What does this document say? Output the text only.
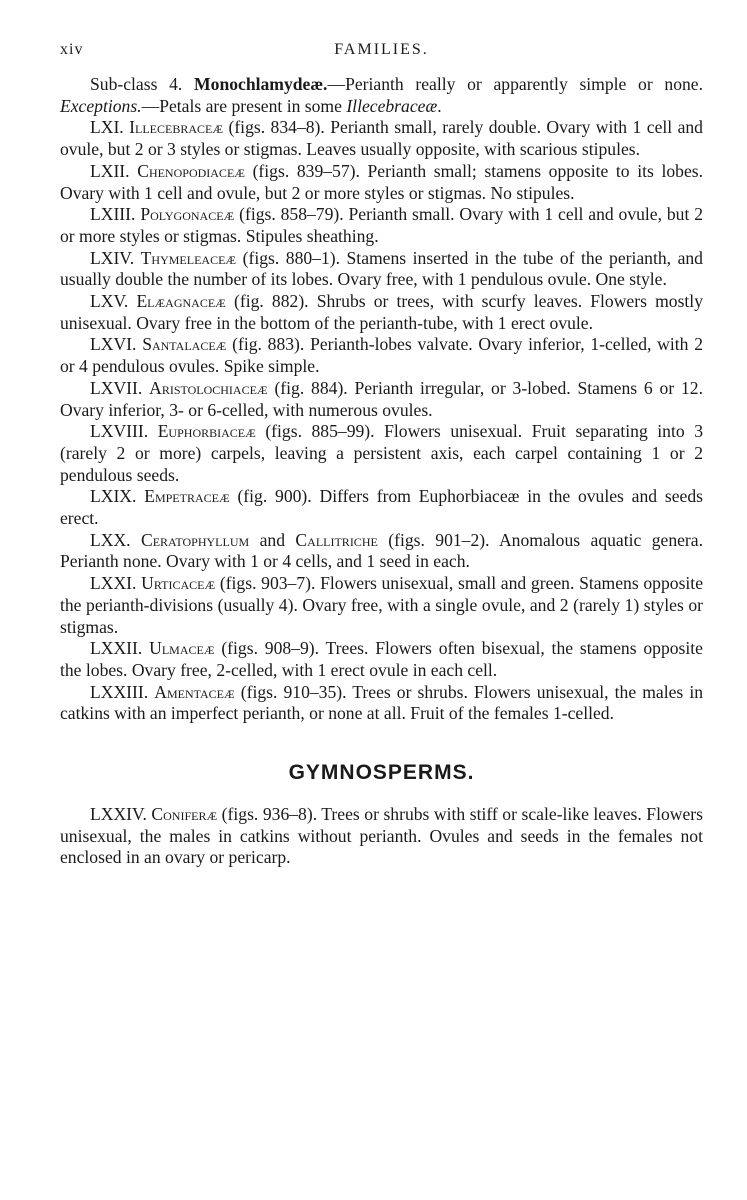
xiv	FAMILIES.

Sub-class 4. Monochlamydeæ.—Perianth really or apparently simple or none. Exceptions.—Petals are present in some Illecebraceæ.

LXI. Illecebraceæ (figs. 834–8). Perianth small, rarely double. Ovary with 1 cell and ovule, but 2 or 3 styles or stigmas. Leaves usually opposite, with scarious stipules.

LXII. Chenopodiaceæ (figs. 839–57). Perianth small; stamens opposite to its lobes. Ovary with 1 cell and ovule, but 2 or more styles or stigmas. No stipules.

LXIII. Polygonaceæ (figs. 858–79). Perianth small. Ovary with 1 cell and ovule, but 2 or more styles or stigmas. Stipules sheathing.

LXIV. Thymeleaceæ (figs. 880–1). Stamens inserted in the tube of the perianth, and usually double the number of its lobes. Ovary free, with 1 pendulous ovule. One style.

LXV. Elæagnaceæ (fig. 882). Shrubs or trees, with scurfy leaves. Flowers mostly unisexual. Ovary free in the bottom of the perianth-tube, with 1 erect ovule.

LXVI. Santalaceæ (fig. 883). Perianth-lobes valvate. Ovary inferior, 1-celled, with 2 or 4 pendulous ovules. Spike simple.

LXVII. Aristolochiaceæ (fig. 884). Perianth irregular, or 3-lobed. Stamens 6 or 12. Ovary inferior, 3- or 6-celled, with numerous ovules.

LXVIII. Euphorbiaceæ (figs. 885–99). Flowers unisexual. Fruit separating into 3 (rarely 2 or more) carpels, leaving a persistent axis, each carpel containing 1 or 2 pendulous seeds.

LXIX. Empetraceæ (fig. 900). Differs from Euphorbiaceæ in the ovules and seeds erect.

LXX. Ceratophyllum and Callitriche (figs. 901–2). Anomalous aquatic genera. Perianth none. Ovary with 1 or 4 cells, and 1 seed in each.

LXXI. Urticaceæ (figs. 903–7). Flowers unisexual, small and green. Stamens opposite the perianth-divisions (usually 4). Ovary free, with a single ovule, and 2 (rarely 1) styles or stigmas.

LXXII. Ulmaceæ (figs. 908–9). Trees. Flowers often bisexual, the stamens opposite the lobes. Ovary free, 2-celled, with 1 erect ovule in each cell.

LXXIII. Amentaceæ (figs. 910–35). Trees or shrubs. Flowers unisexual, the males in catkins with an imperfect perianth, or none at all. Fruit of the females 1-celled.

GYMNOSPERMS.

LXXIV. Coniferæ (figs. 936–8). Trees or shrubs with stiff or scale-like leaves. Flowers unisexual, the males in catkins without perianth. Ovules and seeds in the females not enclosed in an ovary or pericarp.
